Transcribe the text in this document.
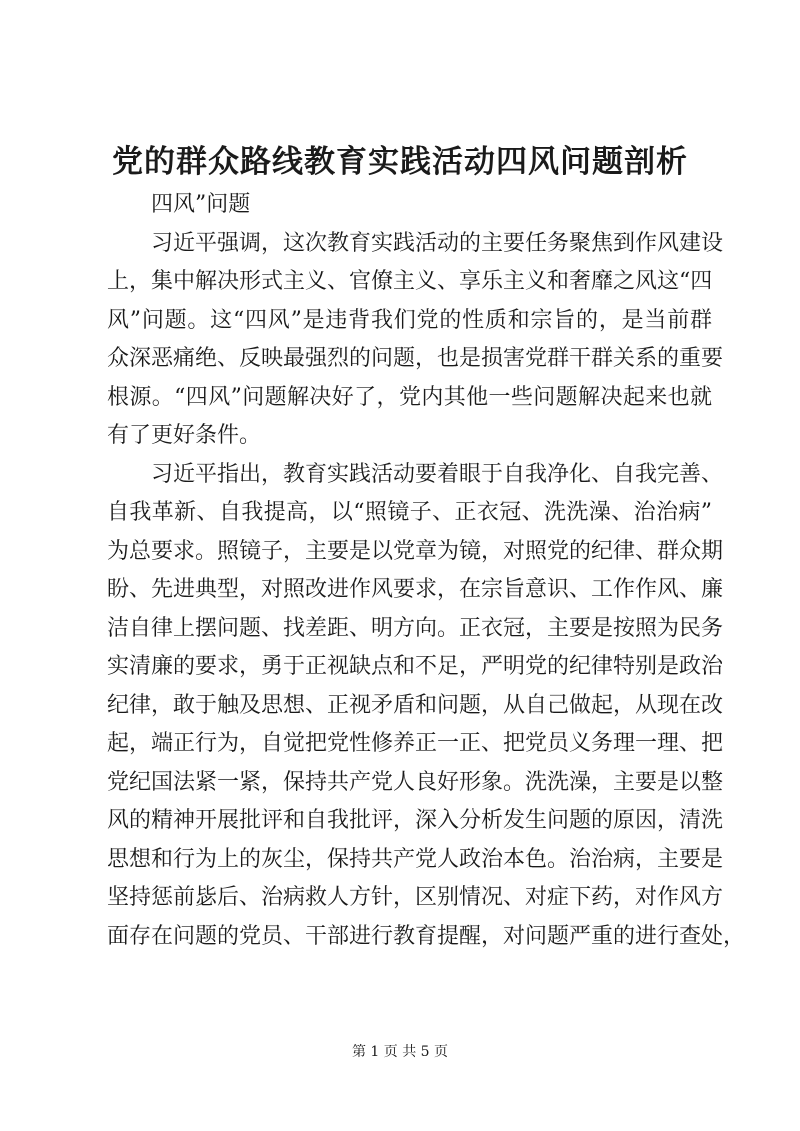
党的群众路线教育实践活动四风问题剖析

四风”问题

习近平强调，这次教育实践活动的主要任务聚焦到作风建设
上，集中解决形式主义、官僚主义、享乐主义和奢靡之风这“四
风”问题。这“四风”是违背我们党的性质和宗旨的，是当前群
众深恶痛绝、反映最强烈的问题，也是损害党群干群关系的重要
根源。“四风”问题解决好了，党内其他一些问题解决起来也就
有了更好条件。

习近平指出，教育实践活动要着眼于自我净化、自我完善、
自我革新、自我提高，以“照镜子、正衣冠、洗洗澡、治治病”
为总要求。照镜子，主要是以党章为镜，对照党的纪律、群众期
盼、先进典型，对照改进作风要求，在宗旨意识、工作作风、廉
洁自律上摆问题、找差距、明方向。正衣冠，主要是按照为民务
实清廉的要求，勇于正视缺点和不足，严明党的纪律特别是政治
纪律，敢于触及思想、正视矛盾和问题，从自己做起，从现在改
起，端正行为，自觉把党性修养正一正、把党员义务理一理、把
党纪国法紧一紧，保持共产党人良好形象。洗洗澡，主要是以整
风的精神开展批评和自我批评，深入分析发生问题的原因，清洗
思想和行为上的灰尘，保持共产党人政治本色。治治病，主要是
坚持惩前毖后、治病救人方针，区别情况、对症下药，对作风方
面存在问题的党员、干部进行教育提醒，对问题严重的进行查处，

第 1 页 共 5 页
